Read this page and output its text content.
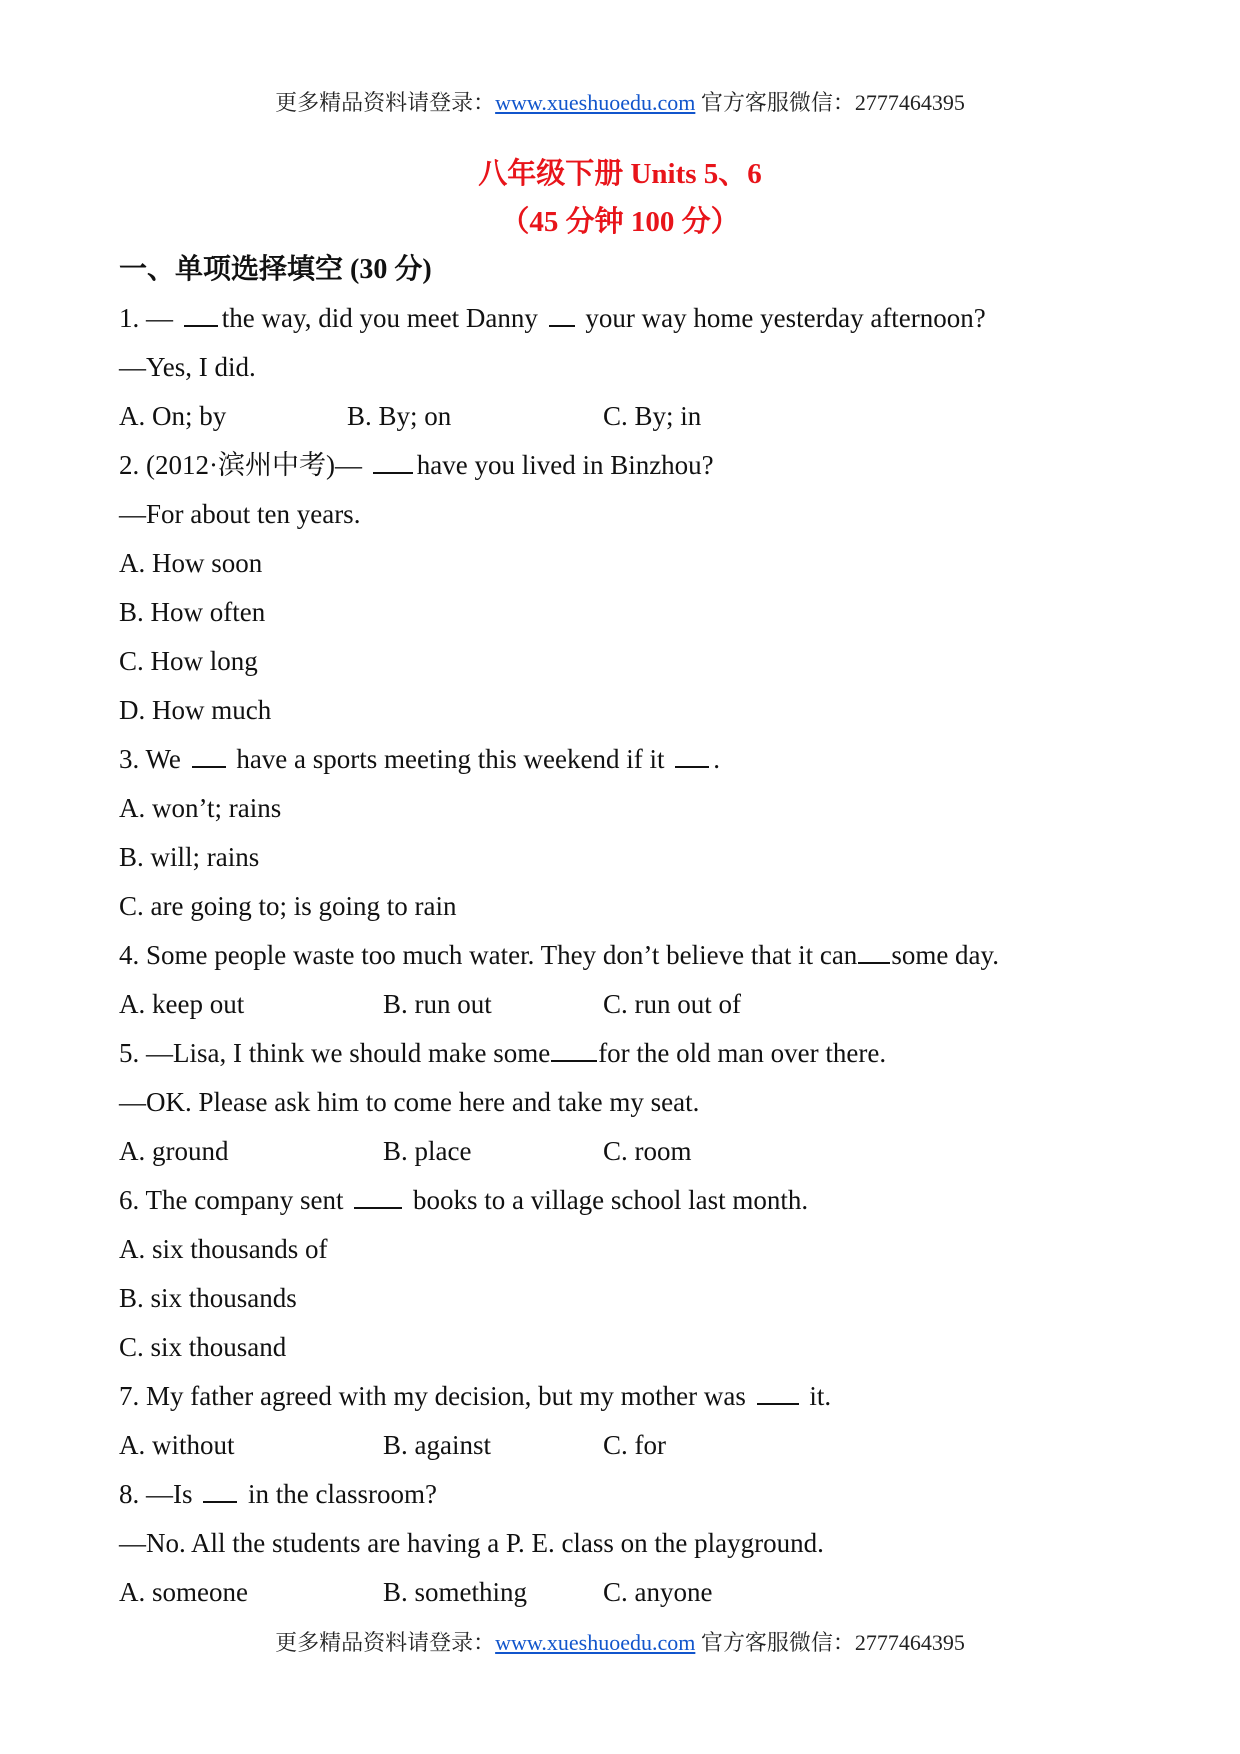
更多精品资料请登录：www.xueshuoedu.com 官方客服微信：2777464395
八年级下册 Units 5、6
（45 分钟 100 分）
一、单项选择填空 (30 分)
1. — the way, did you meet Danny  your way home yesterday afternoon?
—Yes, I did.
A. On; by	B. By; on	C. By; in
2. (2012·滨州中考)— have you lived in Binzhou?
—For about ten years.
A. How soon
B. How often
C. How long
D. How much
3. We  have a sports meeting this weekend if it .
A. won’t; rains
B. will; rains
C. are going to; is going to rain
4. Some people waste too much water. They don’t believe that it can some day.
A. keep out	B. run out	C. run out of
5. —Lisa, I think we should make some for the old man over there.
—OK. Please ask him to come here and take my seat.
A. ground	B. place	C. room
6. The company sent  books to a village school last month.
A. six thousands of
B. six thousands
C. six thousand
7. My father agreed with my decision, but my mother was  it.
A. without	B. against	C. for
8. —Is  in the classroom?
—No. All the students are having a P. E. class on the playground.
A. someone	B. something	C. anyone
更多精品资料请登录：www.xueshuoedu.com 官方客服微信：2777464395
